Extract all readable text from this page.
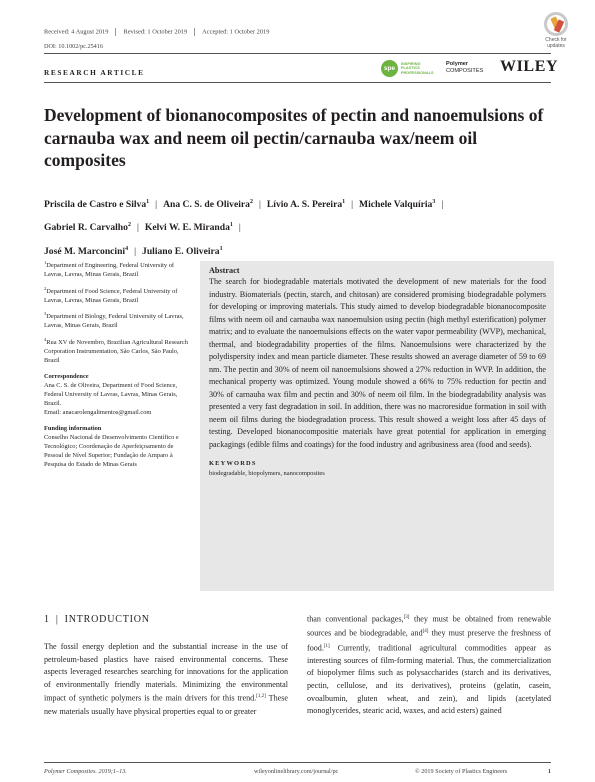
Received: 4 August 2019 Revised: 1 October 2019 Accepted: 1 October 2019
DOI: 10.1002/pc.25416
Check for updates
RESEARCH ARTICLE	spe
INSPIRING PLASTICS PROFESSIONALS
Polymer
COMPOSITES WILEY
Development of bionanocomposites of pectin and nanoemulsions of carnauba wax and neem oil pectin/carnauba wax/neem oil composites
Priscila de Castro e Silva$^1$ | Ana C. S. de Oliveira$^2$ | Lívio A. S. Pereira$^1$ | Michele Valquíria$^3$ |
Gabriel R. Carvalho$^2$ | Kelvi W. E. Miranda$^1$ |
José M. Marconcini$^4$ | Juliano E. Oliveira$^1$
$^1$Department of Engineering, Federal University of Lavras, Lavras, Minas Gerais, Brazil
$^2$Department of Food Science, Federal University of Lavras, Lavras, Minas Gerais, Brazil
$^3$Department of Biology, Federal University of Lavras, Lavras, Minas Gerais, Brazil
$^4$Rua XV de Novembro, Brazilian Agricultural Research Corporation Instrumentation, São Carlos, São Paulo, Brazil
Correspondence
Ana C. S. de Oliveira, Department of Food Science, Federal University of Lavras, Lavras, Minas Gerais, Brazil.
Email: anacarolengalimentos@gmail.com
Funding information
Conselho Nacional de Desenvolvimento Científico e Tecnológico; Coordenação de Aperfeiçoamento de Pessoal de Nível Superior; Fundação de Amparo à Pesquisa do Estado de Minas Gerais
Abstract
The search for biodegradable materials motivated the development of new materials for the food industry. Biomaterials (pectin, starch, and chitosan) are considered promising biodegradable polymers for developing or improving materials. This study aimed to develop biodegradable bionanocomposite films with neem oil and carnauba wax nanoemulsion using pectin (high methyl esterification) polymer matrix; and to evaluate the nanoemulsions effects on the water vapor permeability (WVP), mechanical, thermal, and biodegradability properties of the films. Nanoemulsions were characterized by the polydispersity index and mean particle diameter. These results showed an average diameter of 59 to 69 nm. The pectin and 30% of neem oil nanoemulsions showed a 27% reduction in WVP. In addition, the mechanical property was optimized. Young module showed a 66% to 75% reduction for pectin and 30% of carnauba wax film and pectin and 30% of neem oil film. In the biodegradability analysis was presented a very fast degradation in soil. In addition, there was no macroresidue formation in soil with neem oil films during the biodegradation process. This result showed a weight loss after 45 days of testing. Developed bionanocompositie materials have great potential for application in emerging packagings (edible films and coatings) for the food industry and agribusiness area (food and seeds).
KEYWORDS
biodegradable, biopolymers, nanocomposites
1 | INTRODUCTION
The fossil energy depletion and the substantial increase in the use of petroleum-based plastics have raised environmental concerns. These aspects leveraged researches searching for innovations for the application of environmentally friendly materials. Minimizing the environmental impact of synthetic polymers is the main drivers for this trend.[1,2] These new materials usually have physical properties equal to or greater
than conventional packages,[3] they must be obtained from renewable sources and be biodegradable, and[4] they must preserve the freshness of food.[1] Currently, traditional agricultural commodities appear as interesting sources of film-forming material. Thus, the commercialization of biopolymer films such as polysaccharides (starch and its derivatives, pectin, cellulose, and its derivatives), proteins (gelatin, casein, ovoalbumin, gluten wheat, and zein), and lipids (acetylated monoglycerides, stearic acid, waxes, and acid esters) gained
Polymer Composites. 2019;1–13.	wileyonlinelibrary.com/journal/pc	© 2019 Society of Plastics Engineers	1
